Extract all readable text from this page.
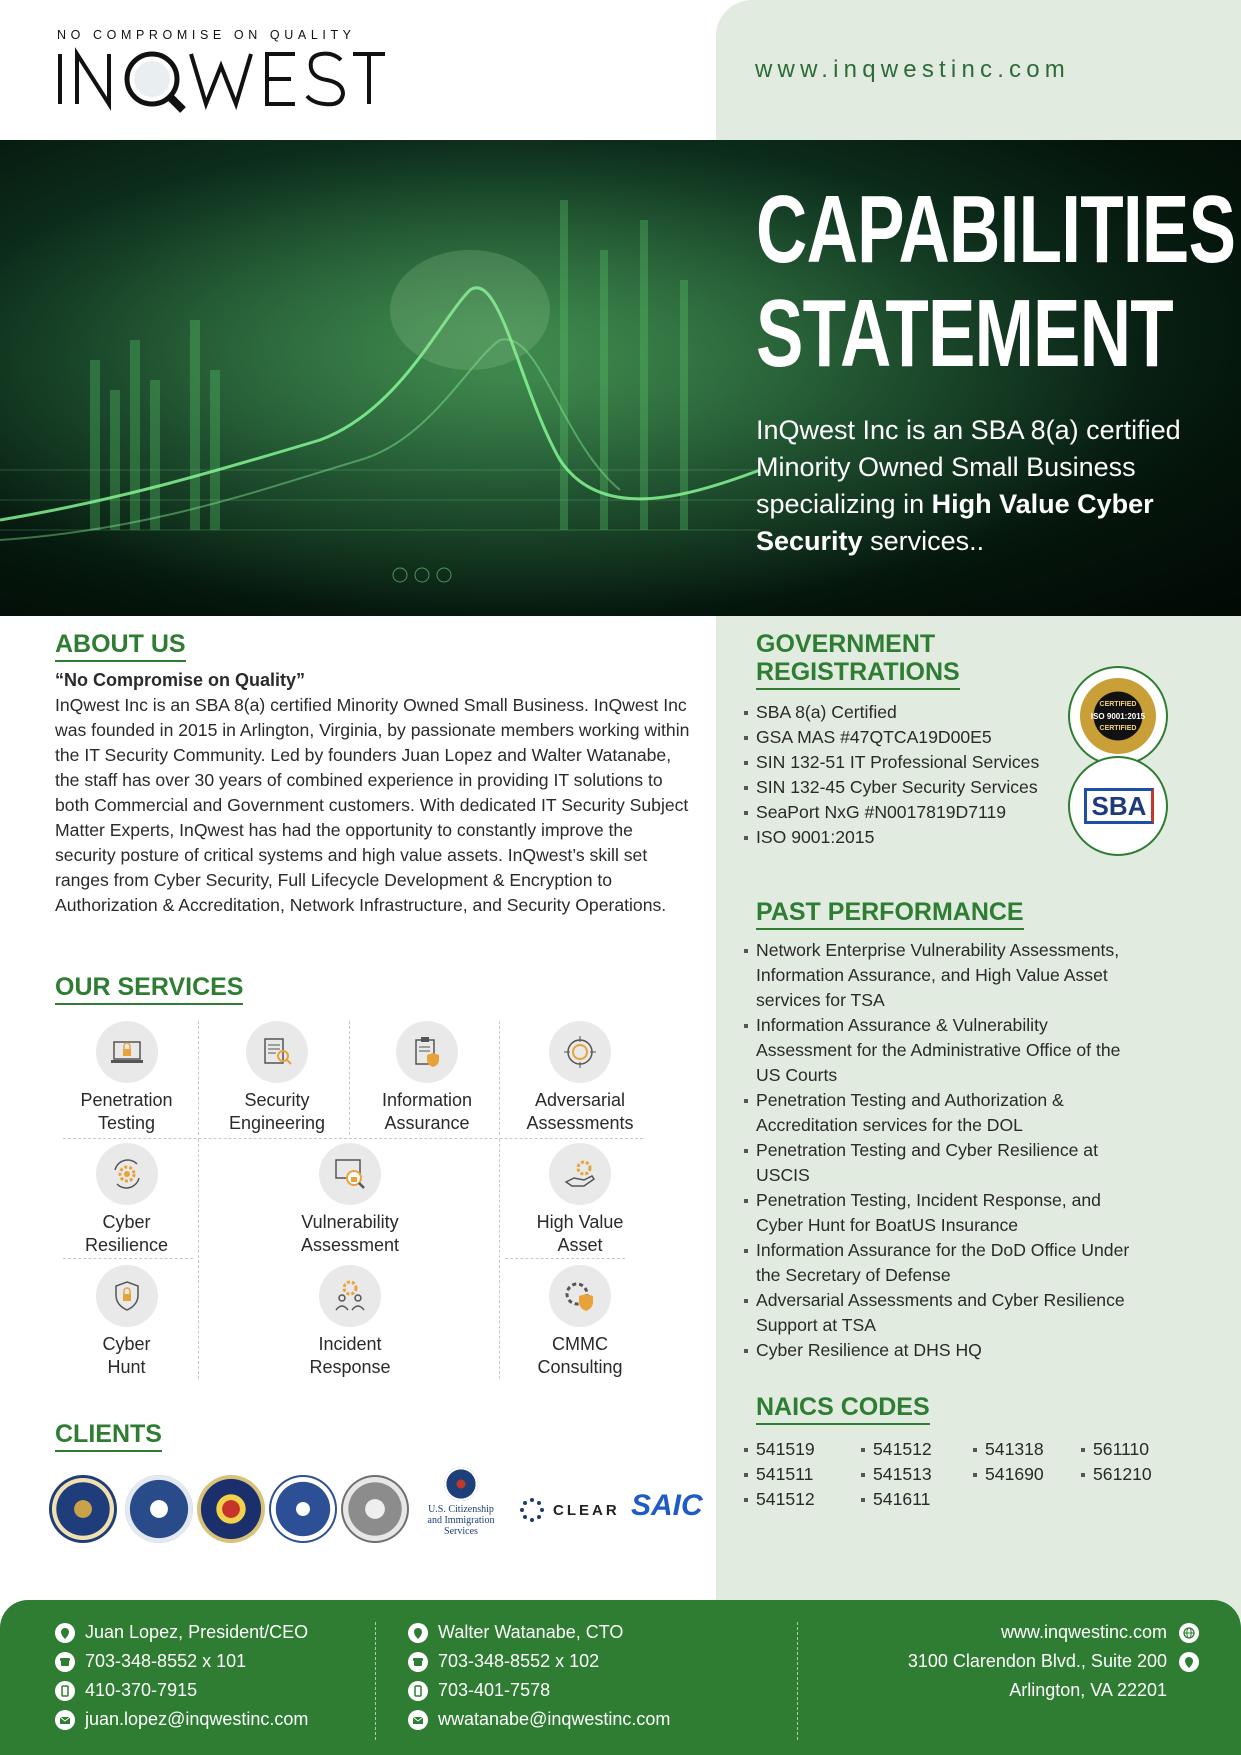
NO COMPROMISE ON QUALITY
www.inqwestinc.com
CAPABILITIES
STATEMENT
InQwest Inc is an SBA 8(a) certified Minority Owned Small Business specializing in High Value Cyber Security services..
ABOUT US
“No Compromise on Quality”

InQwest Inc is an SBA 8(a) certified Minority Owned Small Business. InQwest Inc was founded in 2015 in Arlington, Virginia, by passionate members working within the IT Security Community. Led by founders Juan Lopez and Walter Watanabe, the staff has over 30 years of combined experience in providing IT solutions to both Commercial and Government customers. With dedicated IT Security Subject Matter Experts, InQwest has had the opportunity to constantly improve the security posture of critical systems and high value assets. InQwest’s skill set ranges from Cyber Security, Full Lifecycle Development & Encryption to Authorization & Accreditation, Network Infrastructure, and Security Operations.

OUR SERVICES
Penetration
Testing
Security
Engineering
Information
Assurance
Adversarial
Assessments
Cyber
Resilience
Vulnerability
Assessment
High Value
Asset
Cyber
Hunt
Incident
Response
CMMC
Consulting
CLIENTS
U.S. Citizenship
and Immigration
Services
CLEAR SAIC
GOVERNMENT
REGISTRATIONS
SBA 8(a) Certified
GSA MAS #47QTCA19D00E5
SIN 132-51 IT Professional Services
SIN 132-45 Cyber Security Services
SeaPort NxG #N0017819D7119
ISO 9001:2015
CERTIFIED
ISO 9001:2015
CERTIFIED
SBA
PAST PERFORMANCE
Network Enterprise Vulnerability Assessments, Information Assurance, and High Value Asset services for TSA
Information Assurance & Vulnerability Assessment for the Administrative Office of the US Courts
Penetration Testing and Authorization & Accreditation services for the DOL
Penetration Testing and Cyber Resilience at USCIS
Penetration Testing, Incident Response, and Cyber Hunt for BoatUS Insurance
Information Assurance for the DoD Office Under the Secretary of Defense
Adversarial Assessments and Cyber Resilience Support at TSA
Cyber Resilience at DHS HQ
NAICS CODES
541519
541511
541512
541512
541513
541611
541318
541690
561110
561210
Juan Lopez, President/CEO
703-348-8552 x 101
410-370-7915
juan.lopez@inqwestinc.com
Walter Watanabe, CTO
703-348-8552 x 102
703-401-7578
wwatanabe@inqwestinc.com
www.inqwestinc.com
3100 Clarendon Blvd., Suite 200
Arlington, VA 22201
